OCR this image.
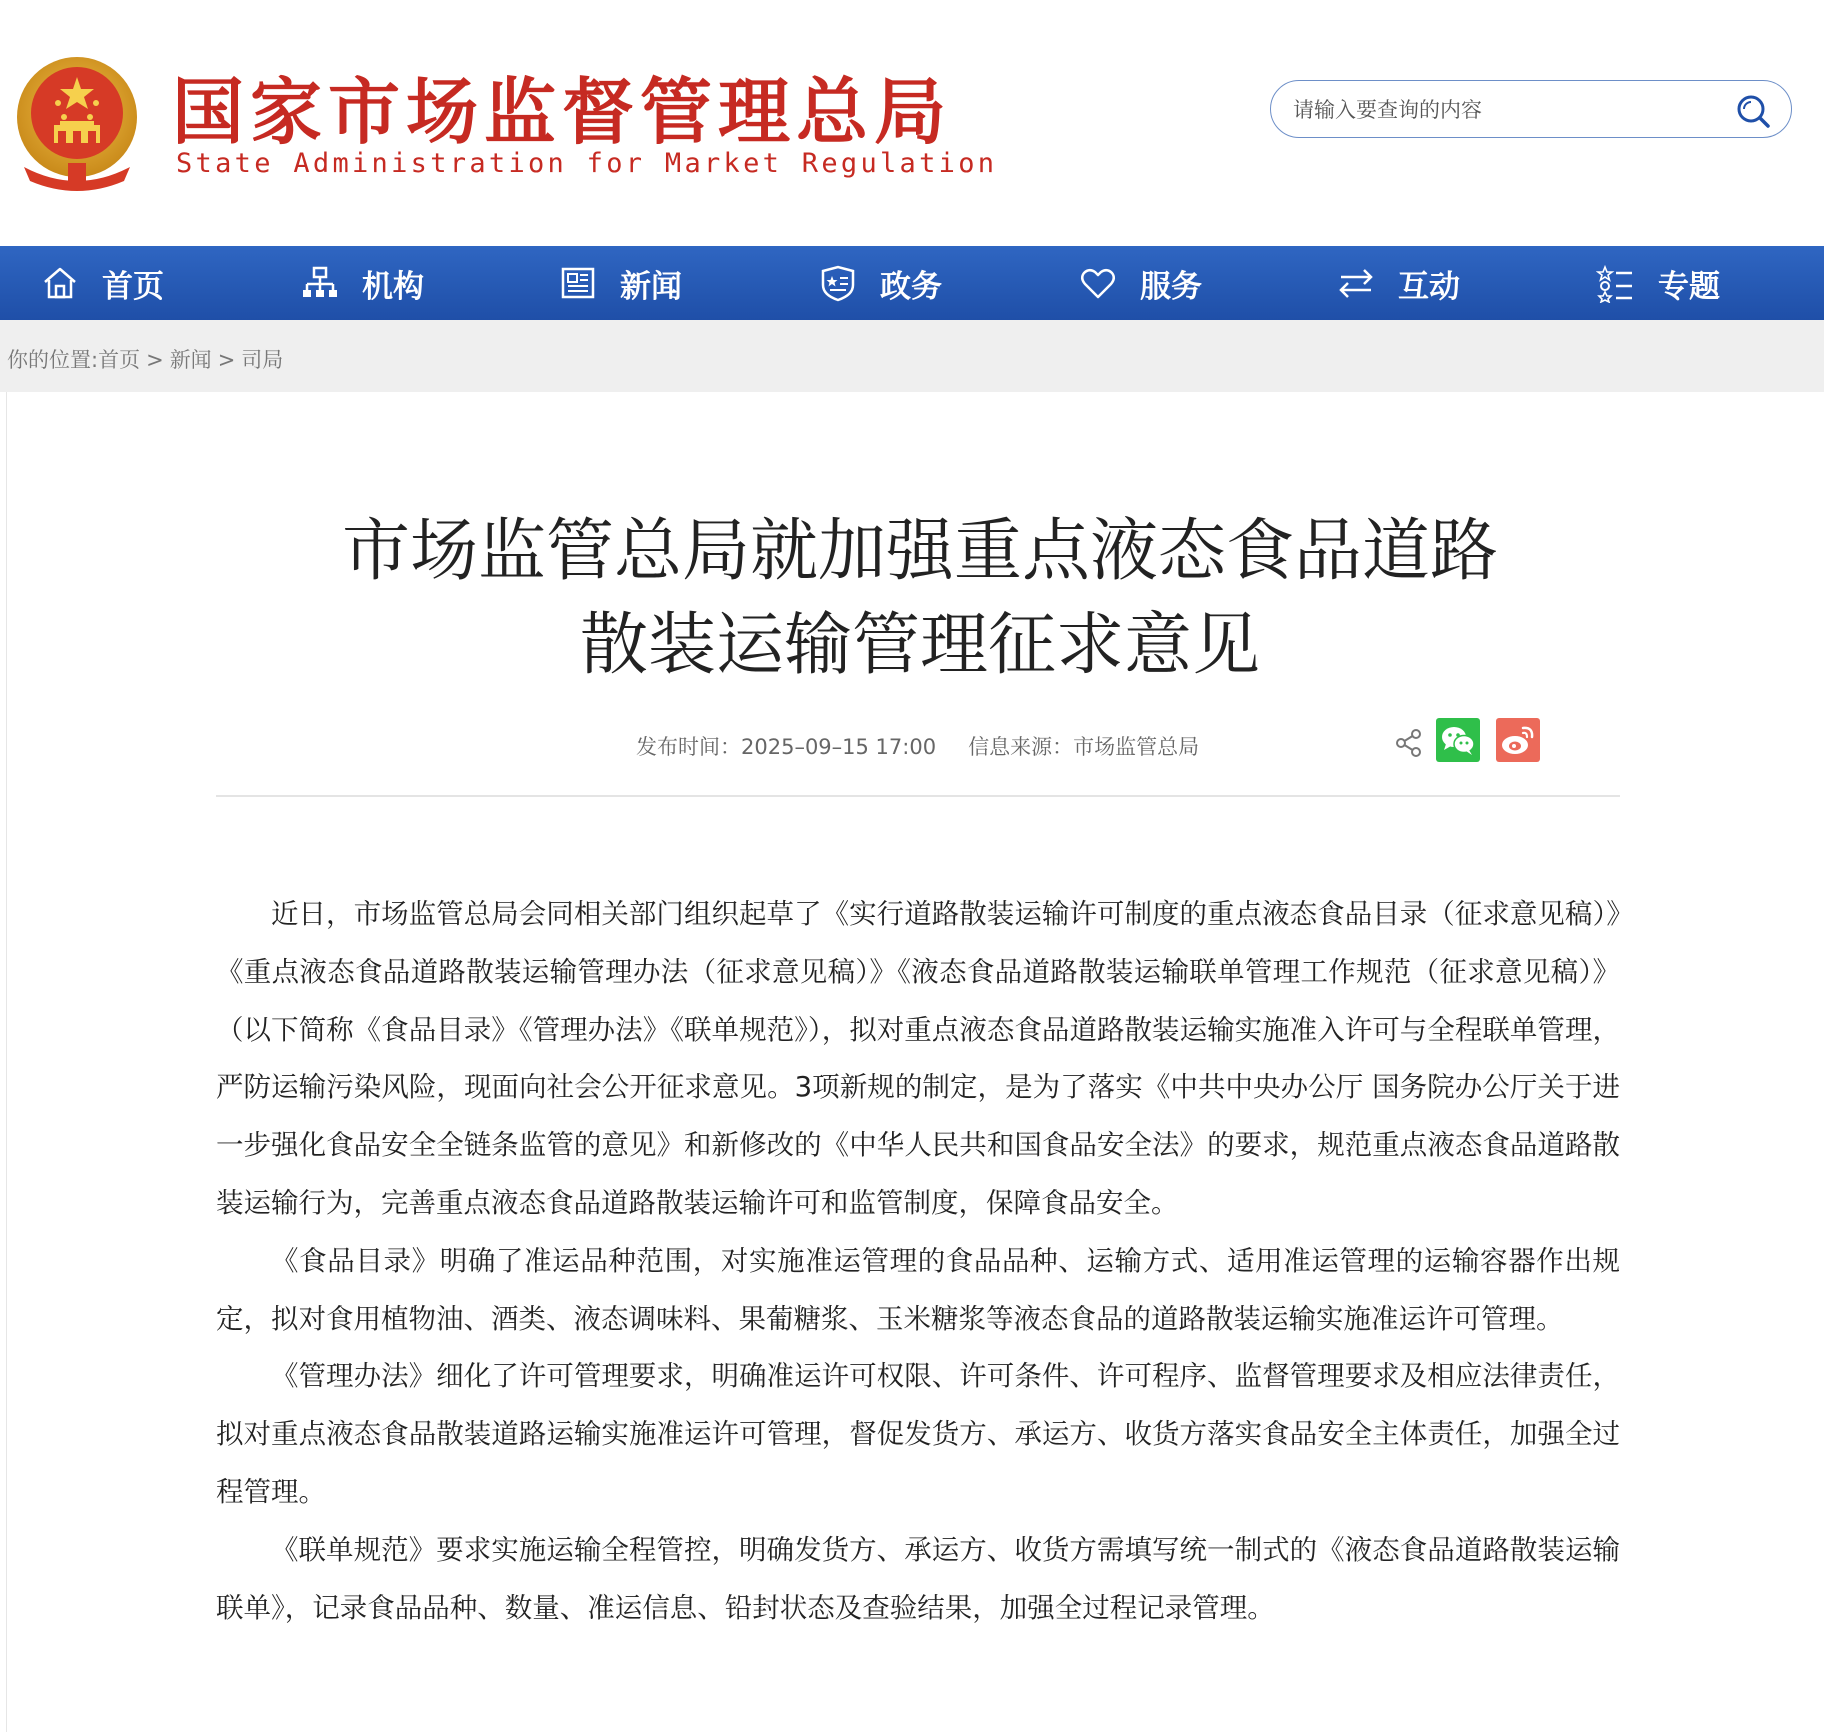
国家市场监督管理总局
State Administration for Market Regulation
请输入要查询的内容
首页	机构	新闻	政务	服务	互动	专题
你的位置:首页 > 新闻 > 司局
市场监管总局就加强重点液态食品道路
散装运输管理征求意见
发布时间：2025–09–15 17:00 信息来源：市场监管总局

近日，市场监管总局会同相关部门组织起草了《实行道路散装运输许可制度的重点液态食品目录（征求意见稿）》《重点液态食品道路散装运输管理办法（征求意见稿）》《液态食品道路散装运输联单管理工作规范（征求意见稿）》（以下简称《食品目录》《管理办法》《联单规范》），拟对重点液态食品道路散装运输实施准入许可与全程联单管理，严防运输污染风险，现面向社会公开征求意见。3项新规的制定，是为了落实《中共中央办公厅 国务院办公厅关于进一步强化食品安全全链条监管的意见》和新修改的《中华人民共和国食品安全法》的要求，规范重点液态食品道路散装运输行为，完善重点液态食品道路散装运输许可和监管制度，保障食品安全。

《食品目录》明确了准运品种范围，对实施准运管理的食品品种、运输方式、适用准运管理的运输容器作出规定，拟对食用植物油、酒类、液态调味料、果葡糖浆、玉米糖浆等液态食品的道路散装运输实施准运许可管理。

《管理办法》细化了许可管理要求，明确准运许可权限、许可条件、许可程序、监督管理要求及相应法律责任，拟对重点液态食品散装道路运输实施准运许可管理，督促发货方、承运方、收货方落实食品安全主体责任，加强全过程管理。

《联单规范》要求实施运输全程管控，明确发货方、承运方、收货方需填写统一制式的《液态食品道路散装运输联单》，记录食品品种、数量、准运信息、铅封状态及查验结果，加强全过程记录管理。
